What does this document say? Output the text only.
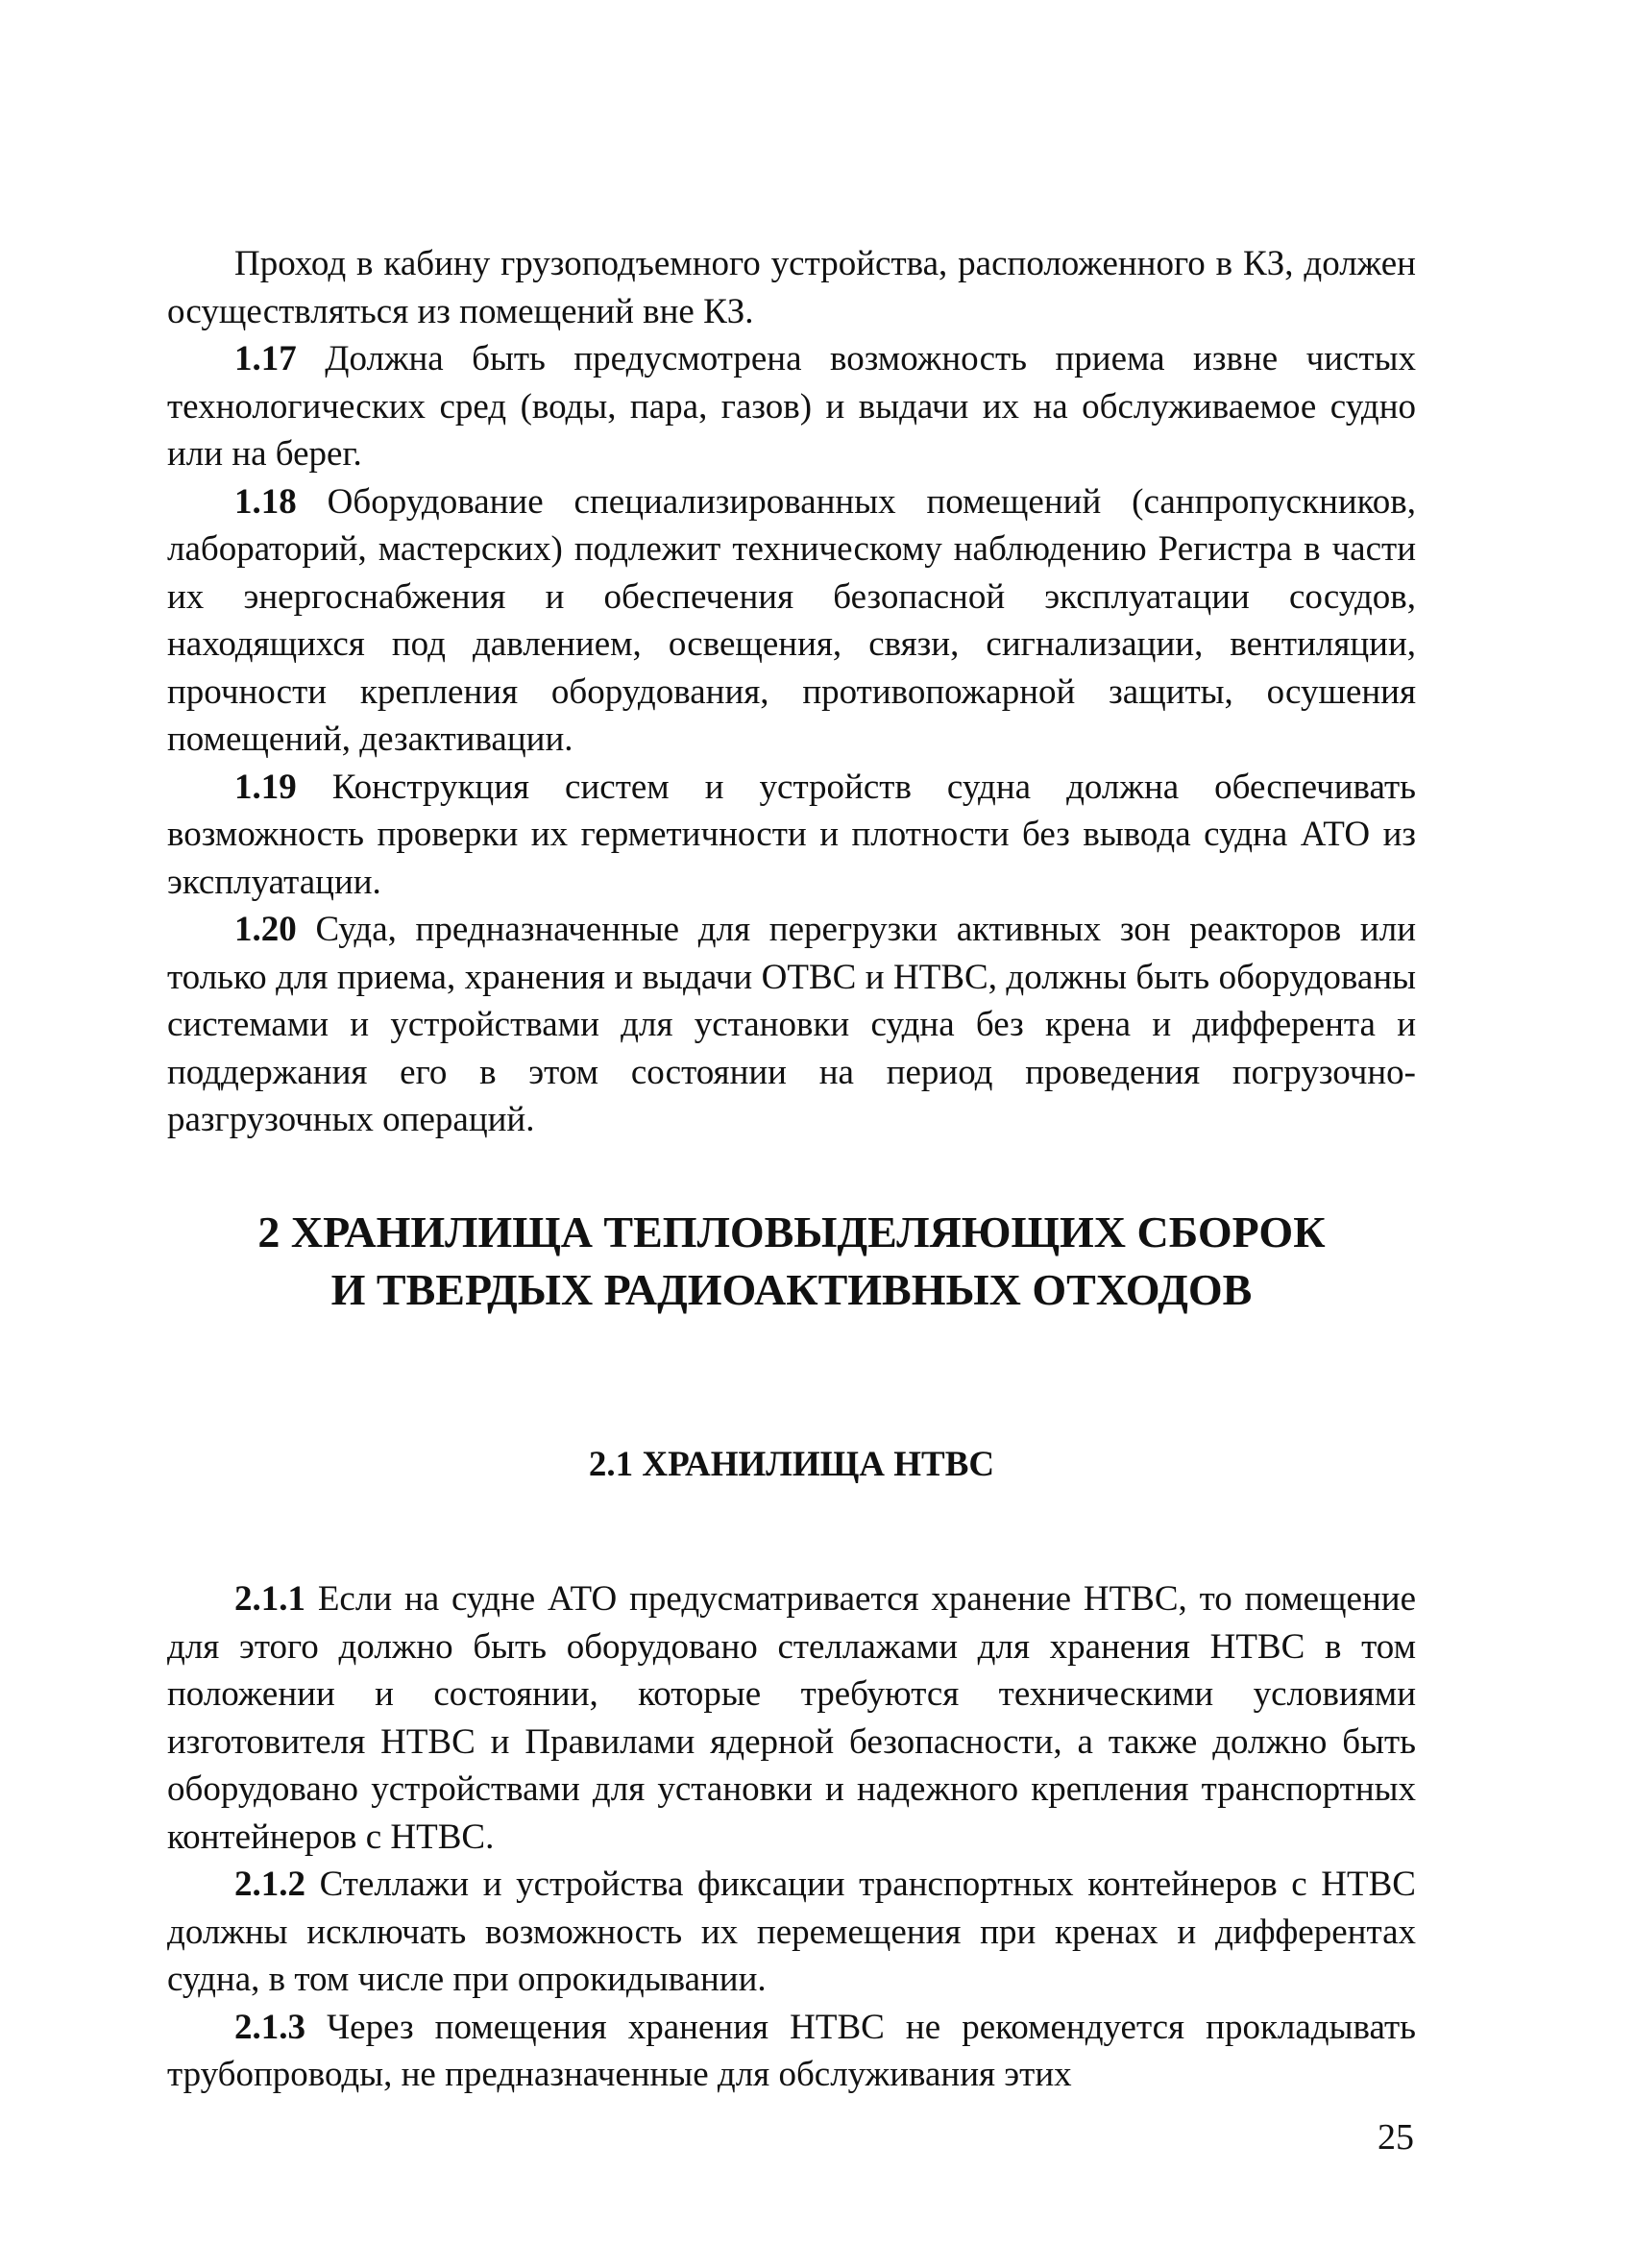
Проход в кабину грузоподъемного устройства, расположенного в КЗ, должен осуществляться из помещений вне КЗ.

1.17 Должна быть предусмотрена возможность приема извне чистых технологических сред (воды, пара, газов) и выдачи их на обслуживаемое судно или на берег.

1.18 Оборудование специализированных помещений (санпропускников, лабораторий, мастерских) подлежит техническому наблюдению Регистра в части их энергоснабжения и обеспечения безопасной эксплуатации сосудов, находящихся под давлением, освещения, связи, сигнализации, вентиляции, прочности крепления оборудования, противопожарной защиты, осушения помещений, дезактивации.

1.19 Конструкция систем и устройств судна должна обеспечивать возможность проверки их герметичности и плотности без вывода судна АТО из эксплуатации.

1.20 Суда, предназначенные для перегрузки активных зон реакторов или только для приема, хранения и выдачи ОТВС и НТВС, должны быть оборудованы системами и устройствами для установки судна без крена и дифферента и поддержания его в этом состоянии на период проведения погрузочно-разгрузочных операций.

2 ХРАНИЛИЩА ТЕПЛОВЫДЕЛЯЮЩИХ СБОРОК
И ТВЕРДЫХ РАДИОАКТИВНЫХ ОТХОДОВ
2.1 ХРАНИЛИЩА НТВС

2.1.1 Если на судне АТО предусматривается хранение НТВС, то помещение для этого должно быть оборудовано стеллажами для хранения НТВС в том положении и состоянии, которые требуются техническими условиями изготовителя НТВС и Правилами ядерной безопасности, а также должно быть оборудовано устройствами для установки и надежного крепления транспортных контейнеров с НТВС.

2.1.2 Стеллажи и устройства фиксации транспортных контейнеров с НТВС должны исключать возможность их перемещения при кренах и дифферентах судна, в том числе при опрокидывании.

2.1.3 Через помещения хранения НТВС не рекомендуется прокладывать трубопроводы, не предназначенные для обслуживания этих

25
